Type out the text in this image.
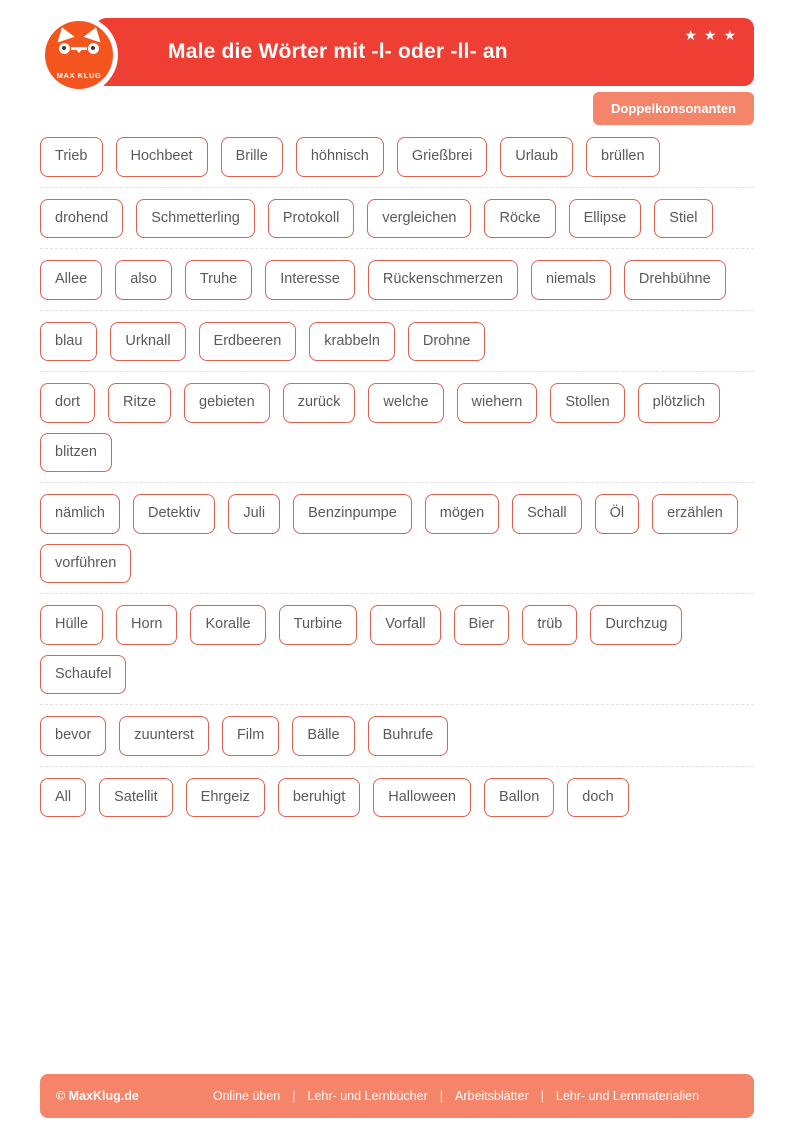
Male die Wörter mit -l- oder -ll- an
★ ★ ★
MAX KLUG
Doppelkonsonanten
Trieb	Hochbeet	Brille	höhnisch	Grießbrei	Urlaub	brüllen
drohend	Schmetterling	Protokoll	vergleichen	Röcke	Ellipse	Stiel
Allee	also	Truhe	Interesse	Rückenschmerzen	niemals	Drehbühne
blau	Urknall	Erdbeeren	krabbeln	Drohne
dort	Ritze	gebieten	zurück	welche	wiehern	Stollen	plötzlich
blitzen
nämlich	Detektiv	Juli	Benzinpumpe	mögen	Schall	Öl	erzählen
vorführen
Hülle	Horn	Koralle	Turbine	Vorfall	Bier	trüb	Durchzug
Schaufel
bevor	zuunterst	Film	Bälle	Buhrufe
All	Satellit	Ehrgeiz	beruhigt	Halloween	Ballon	doch
© MaxKlug.de	Online üben | Lehr- und Lernbücher | Arbeitsblätter | Lehr- und Lernmaterialien
